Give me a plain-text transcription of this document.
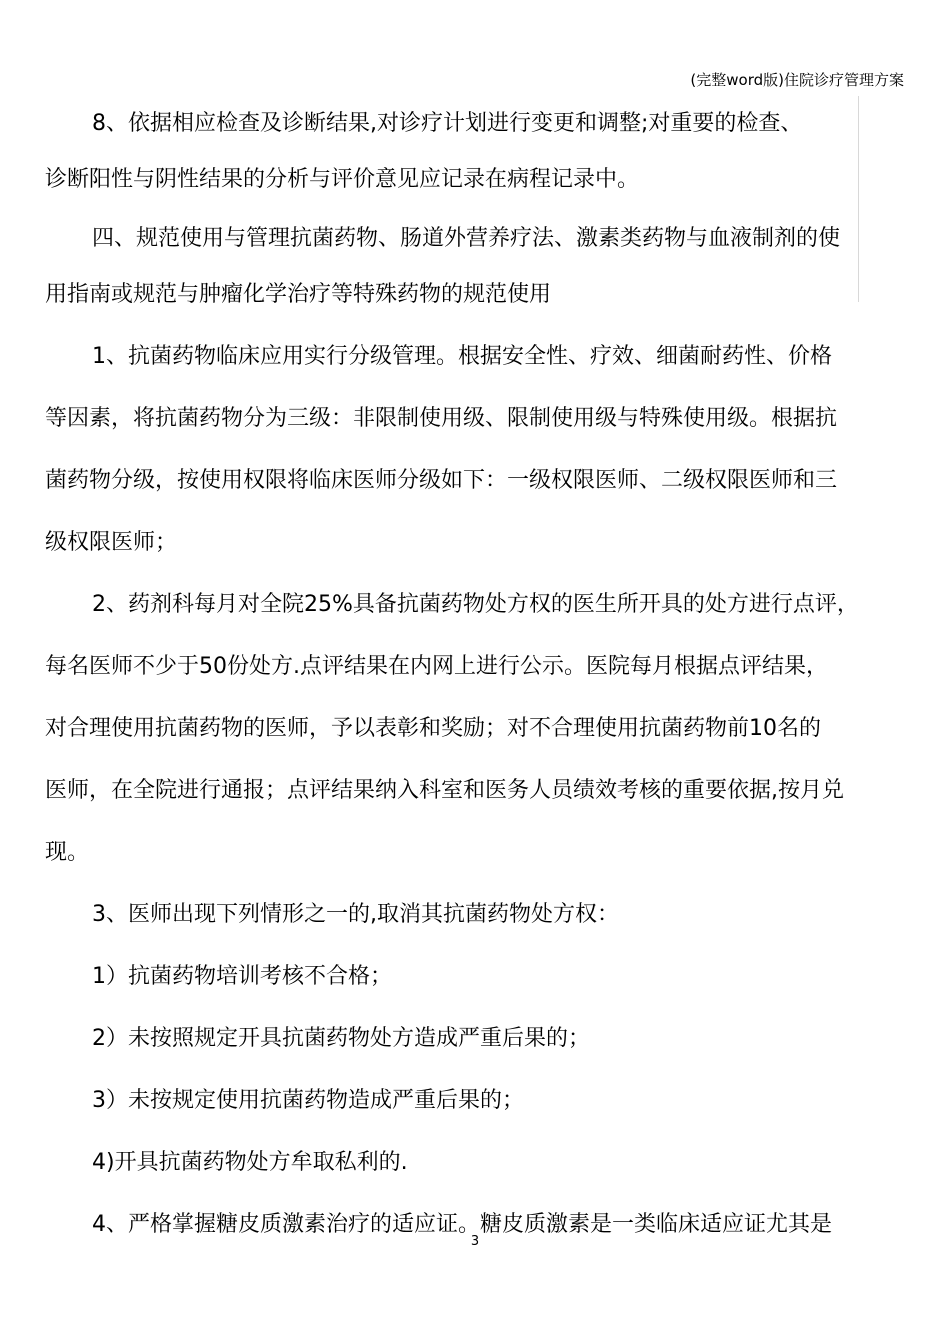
(完整word版)住院诊疗管理方案

8、依据相应检查及诊断结果,对诊疗计划进行变更和调整;对重要的检查、

诊断阳性与阴性结果的分析与评价意见应记录在病程记录中。

四、规范使用与管理抗菌药物、肠道外营养疗法、激素类药物与血液制剂的使

用指南或规范与肿瘤化学治疗等特殊药物的规范使用

1、抗菌药物临床应用实行分级管理。根据安全性、疗效、细菌耐药性、价格

等因素，将抗菌药物分为三级：非限制使用级、限制使用级与特殊使用级。根据抗

菌药物分级，按使用权限将临床医师分级如下：一级权限医师、二级权限医师和三

级权限医师；

2、药剂科每月对全院25%具备抗菌药物处方权的医生所开具的处方进行点评，

每名医师不少于50份处方.点评结果在内网上进行公示。医院每月根据点评结果，

对合理使用抗菌药物的医师，予以表彰和奖励；对不合理使用抗菌药物前10名的

医师，在全院进行通报；点评结果纳入科室和医务人员绩效考核的重要依据,按月兑

现。

3、医师出现下列情形之一的,取消其抗菌药物处方权：

1）抗菌药物培训考核不合格；

2）未按照规定开具抗菌药物处方造成严重后果的；

3）未按规定使用抗菌药物造成严重后果的；

4)开具抗菌药物处方牟取私利的.

4、严格掌握糖皮质激素治疗的适应证。糖皮质激素是一类临床适应证尤其是

3
